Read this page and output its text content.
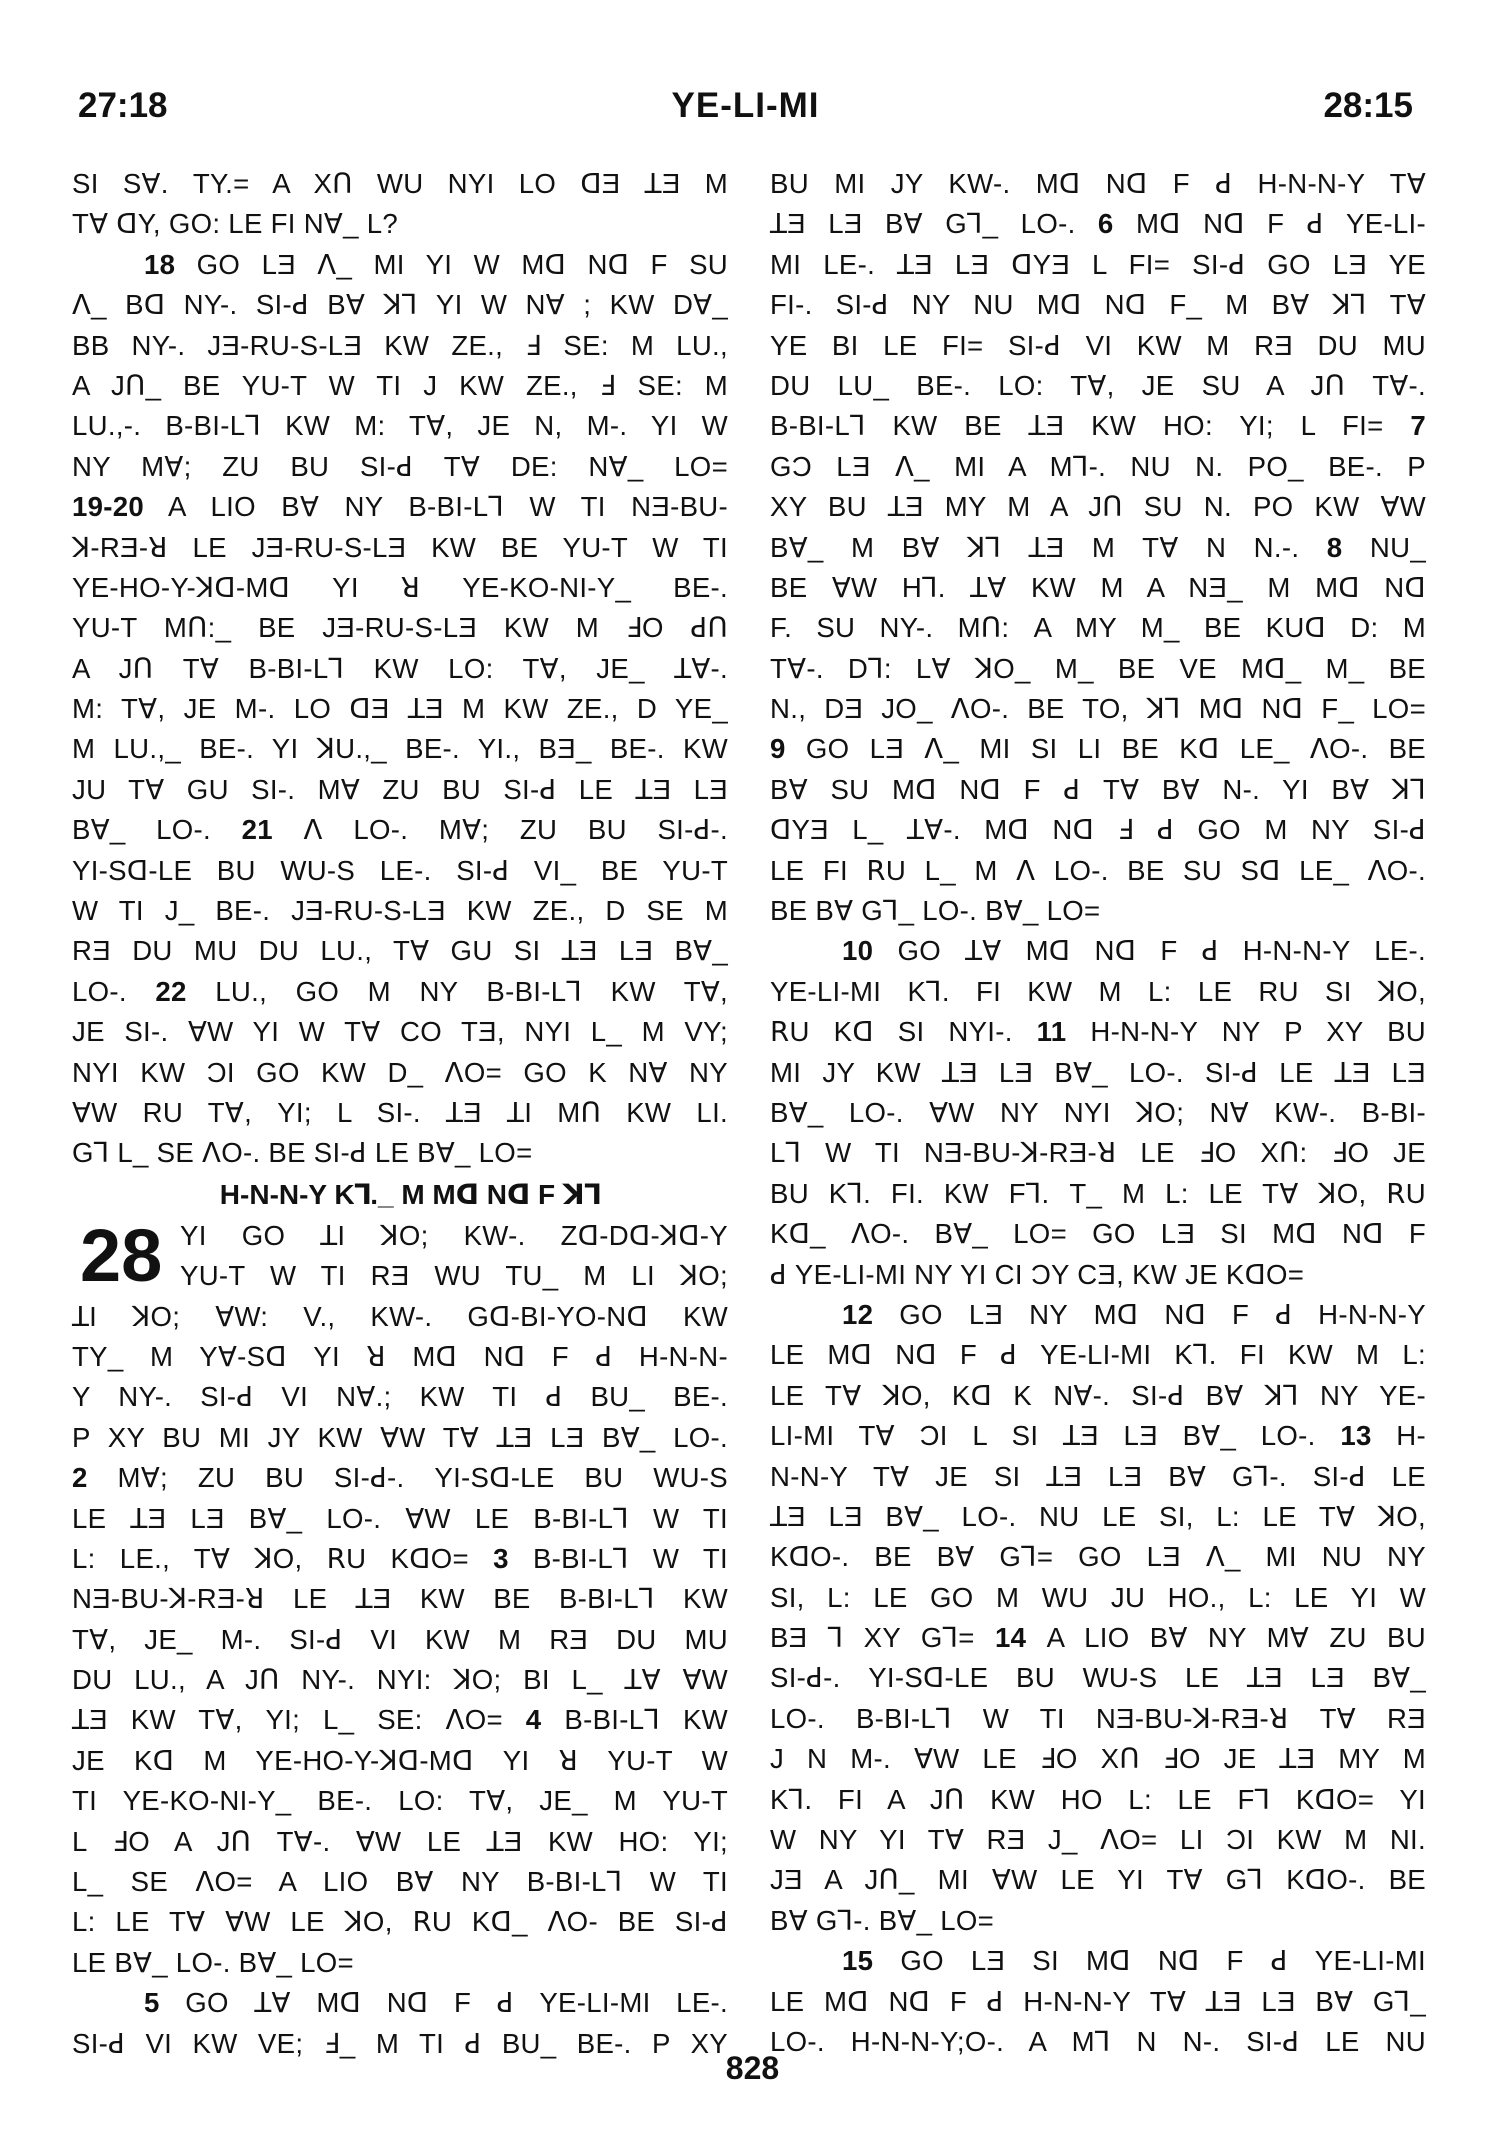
27:18	YE-LI-MI	28:15
SI Sꓯ. TY.= A XՈ WU NYI LO ꓷƎ ꓕƎ M
Tꓯ ꓷY, GO: LE FI Nꓯ_ L?
18 GO LƎ ꓥ_ MI YI W Mꓷ Nꓷ F SU
ꓥ_ Bꓷ NY-. SI-ꓒ Bꓯ ꓘꓶ YI W Nꓯ ; KW Dꓯ_
BB NY-. JƎ-RU-S-LƎ KW ZE., Ⅎ SE: M LU.,
A JՈ_ BE YU-T W TI J KW ZE., Ⅎ SE: M
LU.,-. B-BI-Lꓶ KW M: Tꓯ, JE N, M-. YI W
NY Mꓯ; ZU BU SI-ꓒ Tꓯ DE: Nꓯ_ LO=
19-20 A LIO Bꓯ NY B-BI-Lꓶ W TI NƎ-BU-
ꓘ-RƎ-ꓤ LE JƎ-RU-S-LƎ KW BE YU-T W TI
YE-HO-Y-ꓘꓷ-Mꓷ YI ꓤ YE-KO-NI-Y_ BE-.
YU-T MՈ:_ BE JƎ-RU-S-LƎ KW M ꓞO ꓒՈ
A JՈ Tꓯ B-BI-Lꓶ KW LO: Tꓯ, JE_ ꓕꓯ-.
M: Tꓯ, JE M-. LO ꓷƎ ꓕƎ M KW ZE., D YE_
M LU.,_ BE-. YI ꓘU.,_ BE-. YI., BƎ_ BE-. KW
JU Tꓯ GU SI-. Mꓯ ZU BU SI-ꓒ LE ꓕƎ LƎ
Bꓯ_ LO-. 21 ꓥ LO-. Mꓯ; ZU BU SI-ꓒ-.
YI-Sꓷ-LE BU WU-S LE-. SI-ꓒ VI_ BE YU-T
W TI J_ BE-. JƎ-RU-S-LƎ KW ZE., D SE M
RƎ DU MU DU LU., Tꓯ GU SI ꓕƎ LƎ Bꓯ_
LO-. 22 LU., GO M NY B-BI-Lꓶ KW Tꓯ,
JE SI-. ꓯW YI W Tꓯ CO TƎ, NYI L_ M VY;
NYI KW ƆI GO KW D_ ꓥO= GO K Nꓯ NY
ꓯW RU Tꓯ, YI; L SI-. ꓕƎ ꓕI MՈ KW LI.
Gꓶ L_ SE ꓥO-. BE SI-ꓒ LE Bꓯ_ LO=
H-N-N-Y Kꓶ._ M Mꓷ Nꓷ F ꓘꓶ
28 YI GO ꓕI ꓘO; KW-. Zꓷ-Dꓷ-ꓘꓷ-Y
YU-T W TI RƎ WU TU_ M LI ꓘO;
ꓕI ꓘO; ꓯW: V., KW-. Gꓷ-BI-YO-Nꓷ KW
TY_ M Yꓯ-Sꓷ YI ꓤ Mꓷ Nꓷ F ꓒ H-N-N-
Y NY-. SI-ꓒ VI Nꓯ.; KW TI ꓒ BU_ BE-.
P XY BU MI JY KW ꓯW Tꓯ ꓕƎ LƎ Bꓯ_ LO-.
2 Mꓯ; ZU BU SI-ꓒ-. YI-Sꓷ-LE BU WU-S
LE ꓕƎ LƎ Bꓯ_ LO-. ꓯW LE B-BI-Lꓶ W TI
L: LE., Tꓯ ꓘO, ꓣU KꓷO= 3 B-BI-Lꓶ W TI
NƎ-BU-ꓘ-RƎ-ꓤ LE ꓕƎ KW BE B-BI-Lꓶ KW
Tꓯ, JE_ M-. SI-ꓒ VI KW M RƎ DU MU
DU LU., A JՈ NY-. NYI: ꓘO; BI L_ ꓕꓯ ꓯW
ꓕƎ KW Tꓯ, YI; L_ SE: ꓥO= 4 B-BI-Lꓶ KW
JE Kꓷ M YE-HO-Y-ꓘꓷ-Mꓷ YI ꓤ YU-T W
TI YE-KO-NI-Y_ BE-. LO: Tꓯ, JE_ M YU-T
L ꓞO A JՈ Tꓯ-. ꓯW LE ꓕƎ KW HO: YI;
L_ SE ꓥO= A LIO Bꓯ NY B-BI-Lꓶ W TI
L: LE Tꓯ ꓯW LE ꓘO, ꓣU Kꓷ_ ꓥO- BE SI-ꓒ
LE Bꓯ_ LO-. Bꓯ_ LO=
5 GO ꓕꓯ Mꓷ Nꓷ F ꓒ YE-LI-MI LE-.
SI-ꓒ VI KW VE; Ⅎ_ M TI ꓒ BU_ BE-. P XY
BU MI JY KW-. Mꓷ Nꓷ F ꓒ H-N-N-Y Tꓯ
ꓕƎ LƎ Bꓯ Gꓶ_ LO-. 6 Mꓷ Nꓷ F ꓒ YE-LI-
MI LE-. ꓕƎ LƎ ꓷYƎ L FI= SI-ꓒ GO LƎ YE
FI-. SI-ꓒ NY NU Mꓷ Nꓷ F_ M Bꓯ ꓘꓶ Tꓯ
YE BI LE FI= SI-ꓒ VI KW M RƎ DU MU
DU LU_ BE-. LO: Tꓯ, JE SU A JՈ Tꓯ-.
B-BI-Lꓶ KW BE ꓕƎ KW HO: YI; L FI= 7
GƆ LƎ ꓥ_ MI A Mꓶ-. NU N. PO_ BE-. P
XY BU ꓕƎ MY M A JՈ SU N. PO KW ꓯW
Bꓯ_ M Bꓯ ꓘꓶ ꓕƎ M Tꓯ N N.-. 8 NU_
BE ꓯW Hꓶ. ꓕꓯ KW M A NƎ_ M Mꓷ Nꓷ
F. SU NY-. MՈ: A MY M_ BE KUꓷ D: M
Tꓯ-. Dꓶ: Lꓯ ꓘO_ M_ BE VE Mꓷ_ M_ BE
N., DƎ JO_ ꓥO-. BE TO, ꓘꓶ Mꓷ Nꓷ F_ LO=
9 GO LƎ ꓥ_ MI SI LI BE Kꓷ LE_ ꓥO-. BE
Bꓯ SU Mꓷ Nꓷ F ꓒ Tꓯ Bꓯ N-. YI Bꓯ ꓘꓶ
ꓷYƎ L_ ꓕꓯ-. Mꓷ Nꓷ Ⅎ ꓒ GO M NY SI-ꓒ
LE FI ꓣU L_ M ꓥ LO-. BE SU Sꓷ LE_ ꓥO-.
BE Bꓯ Gꓶ_ LO-. Bꓯ_ LO=
10 GO ꓕꓯ Mꓷ Nꓷ F ꓒ H-N-N-Y LE-.
YE-LI-MI Kꓶ. FI KW M L: LE RU SI ꓘO,
ꓣU Kꓷ SI NYI-. 11 H-N-N-Y NY P XY BU
MI JY KW ꓕƎ LƎ Bꓯ_ LO-. SI-ꓒ LE ꓕƎ LƎ
Bꓯ_ LO-. ꓯW NY NYI ꓘO; Nꓯ KW-. B-BI-
Lꓶ W TI NƎ-BU-ꓘ-RƎ-ꓤ LE ꓞO XՈ: ꓞO JE
BU Kꓶ. FI. KW Fꓶ. T_ M L: LE Tꓯ ꓘO, ꓣU
Kꓷ_ ꓥO-. Bꓯ_ LO= GO LƎ SI Mꓷ Nꓷ F
ꓒ YE-LI-MI NY YI CI ƆY CƎ, KW JE KꓷO=
12 GO LƎ NY Mꓷ Nꓷ F ꓒ H-N-N-Y
LE Mꓷ Nꓷ F ꓒ YE-LI-MI Kꓶ. FI KW M L:
LE Tꓯ ꓘO, Kꓷ K Nꓯ-. SI-ꓒ Bꓯ ꓘꓶ NY YE-
LI-MI Tꓯ ƆI L SI ꓕƎ LƎ Bꓯ_ LO-. 13 H-
N-N-Y Tꓯ JE SI ꓕƎ LƎ Bꓯ Gꓶ-. SI-ꓒ LE
ꓕƎ LƎ Bꓯ_ LO-. NU LE SI, L: LE Tꓯ ꓘO,
KꓷO-. BE Bꓯ Gꓶ= GO LƎ ꓥ_ MI NU NY
SI, L: LE GO M WU JU HO., L: LE YI W
BƎ ꓶ XY Gꓶ= 14 A LIO Bꓯ NY Mꓯ ZU BU
SI-ꓒ-. YI-Sꓷ-LE BU WU-S LE ꓕƎ LƎ Bꓯ_
LO-. B-BI-Lꓶ W TI NƎ-BU-ꓘ-RƎ-ꓤ Tꓯ RƎ
J N M-. ꓯW LE ꓞO XՈ ꓞO JE ꓕƎ MY M
Kꓶ. FI A JՈ KW HO L: LE Fꓶ KꓷO= YI
W NY YI Tꓯ RƎ J_ ꓥO= LI ƆI KW M NI.
JƎ A JՈ_ MI ꓯW LE YI Tꓯ Gꓶ KꓷO-. BE
Bꓯ Gꓶ-. Bꓯ_ LO=
15 GO LƎ SI Mꓷ Nꓷ F ꓒ YE-LI-MI
LE Mꓷ Nꓷ F ꓒ H-N-N-Y Tꓯ ꓕƎ LƎ Bꓯ Gꓶ_
LO-. H-N-N-Y;O-. A Mꓶ N N-. SI-ꓒ LE NU
828
